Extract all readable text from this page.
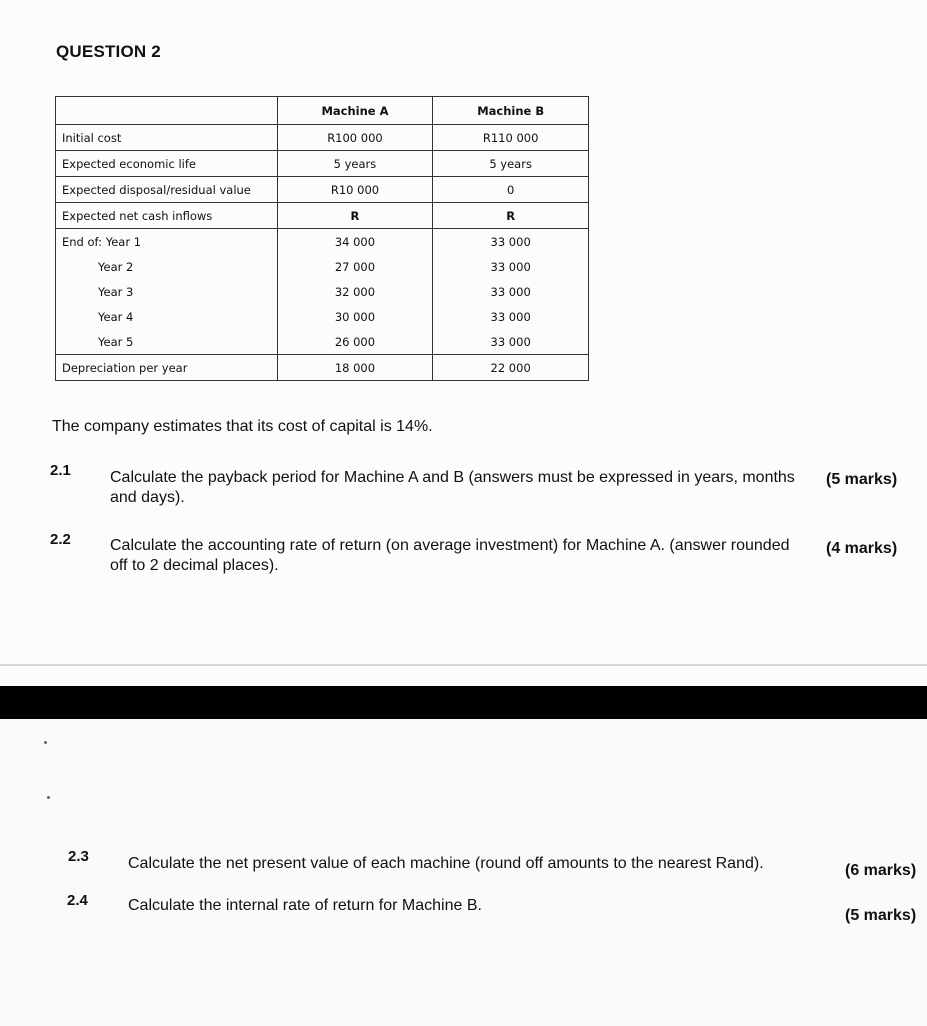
QUESTION 2
	Machine A	Machine B
Initial cost	R100 000	R110 000
Expected economic life	5 years	5 years
Expected disposal/residual value	R10 000	0
Expected net cash inflows	R	R
End of: Year 1	34 000	33 000
Year 2	27 000	33 000
Year 3	32 000	33 000
Year 4	30 000	33 000
Year 5	26 000	33 000
Depreciation per year	18 000	22 000
The company estimates that its cost of capital is 14%.
2.1 Calculate the payback period for Machine A and B (answers must be expressed in years, months and days).
(5 marks)
2.2 Calculate the accounting rate of return (on average investment) for Machine A. (answer rounded off to 2 decimal places).
(4 marks)
2.3 Calculate the net present value of each machine (round off amounts to the nearest Rand).	(6 marks)
2.4	Calculate the internal rate of return for Machine B.
(5 marks)
